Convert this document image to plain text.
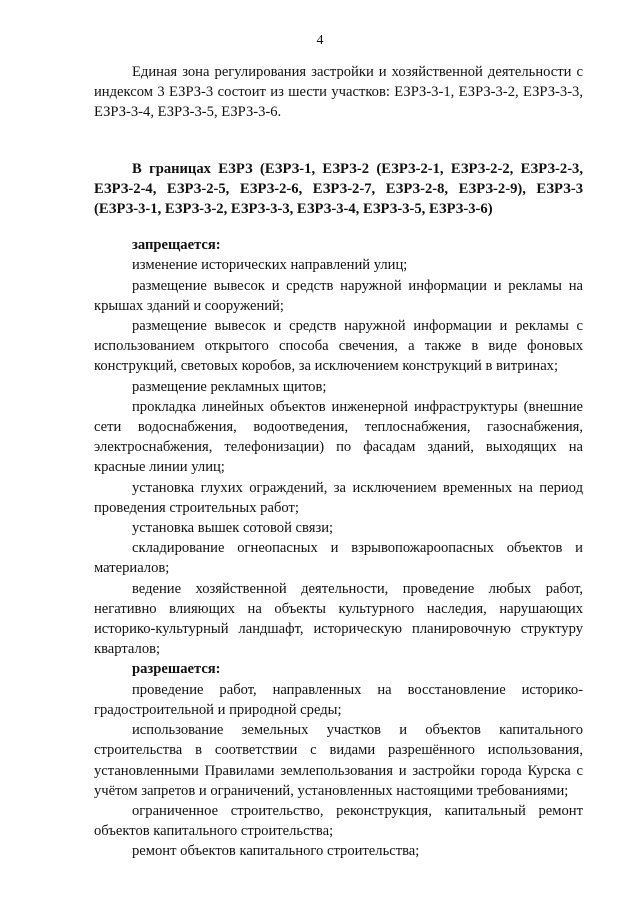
4

Единая зона регулирования застройки и хозяйственной деятельности с индексом 3 ЕЗРЗ-3 состоит из шести участков: ЕЗРЗ-3-1, ЕЗРЗ-3-2, ЕЗРЗ-3-3, ЕЗРЗ-3-4, ЕЗРЗ-3-5, ЕЗРЗ-3-6.

В границах ЕЗРЗ (ЕЗРЗ-1, ЕЗРЗ-2 (ЕЗРЗ-2-1, ЕЗРЗ-2-2, ЕЗРЗ-2-3, ЕЗРЗ-2-4, ЕЗРЗ-2-5, ЕЗРЗ-2-6, ЕЗРЗ-2-7, ЕЗРЗ-2-8, ЕЗРЗ-2-9), ЕЗРЗ-3 (ЕЗРЗ-3-1, ЕЗРЗ-3-2, ЕЗРЗ-3-3, ЕЗРЗ-3-4, ЕЗРЗ-3-5, ЕЗРЗ-3-6)

запрещается:

изменение исторических направлений улиц;

размещение вывесок и средств наружной информации и рекламы на крышах зданий и сооружений;

размещение вывесок и средств наружной информации и рекламы с использованием открытого способа свечения, а также в виде фоновых конструкций, световых коробов, за исключением конструкций в витринах;

размещение рекламных щитов;

прокладка линейных объектов инженерной инфраструктуры (внешние сети водоснабжения, водоотведения, теплоснабжения, газоснабжения, электроснабжения, телефонизации) по фасадам зданий, выходящих на красные линии улиц;

установка глухих ограждений, за исключением временных на период проведения строительных работ;

установка вышек сотовой связи;

складирование огнеопасных и взрывопожароопасных объектов и материалов;

ведение хозяйственной деятельности, проведение любых работ, негативно влияющих на объекты культурного наследия, нарушающих историко-культурный ландшафт, историческую планировочную структуру кварталов;

разрешается:

проведение работ, направленных на восстановление историко-градостроительной и природной среды;

использование земельных участков и объектов капитального строительства в соответствии с видами разрешённого использования, установленными Правилами землепользования и застройки города Курска с учётом запретов и ограничений, установленных настоящими требованиями;

ограниченное строительство, реконструкция, капитальный ремонт объектов капитального строительства;

ремонт объектов капитального строительства;
